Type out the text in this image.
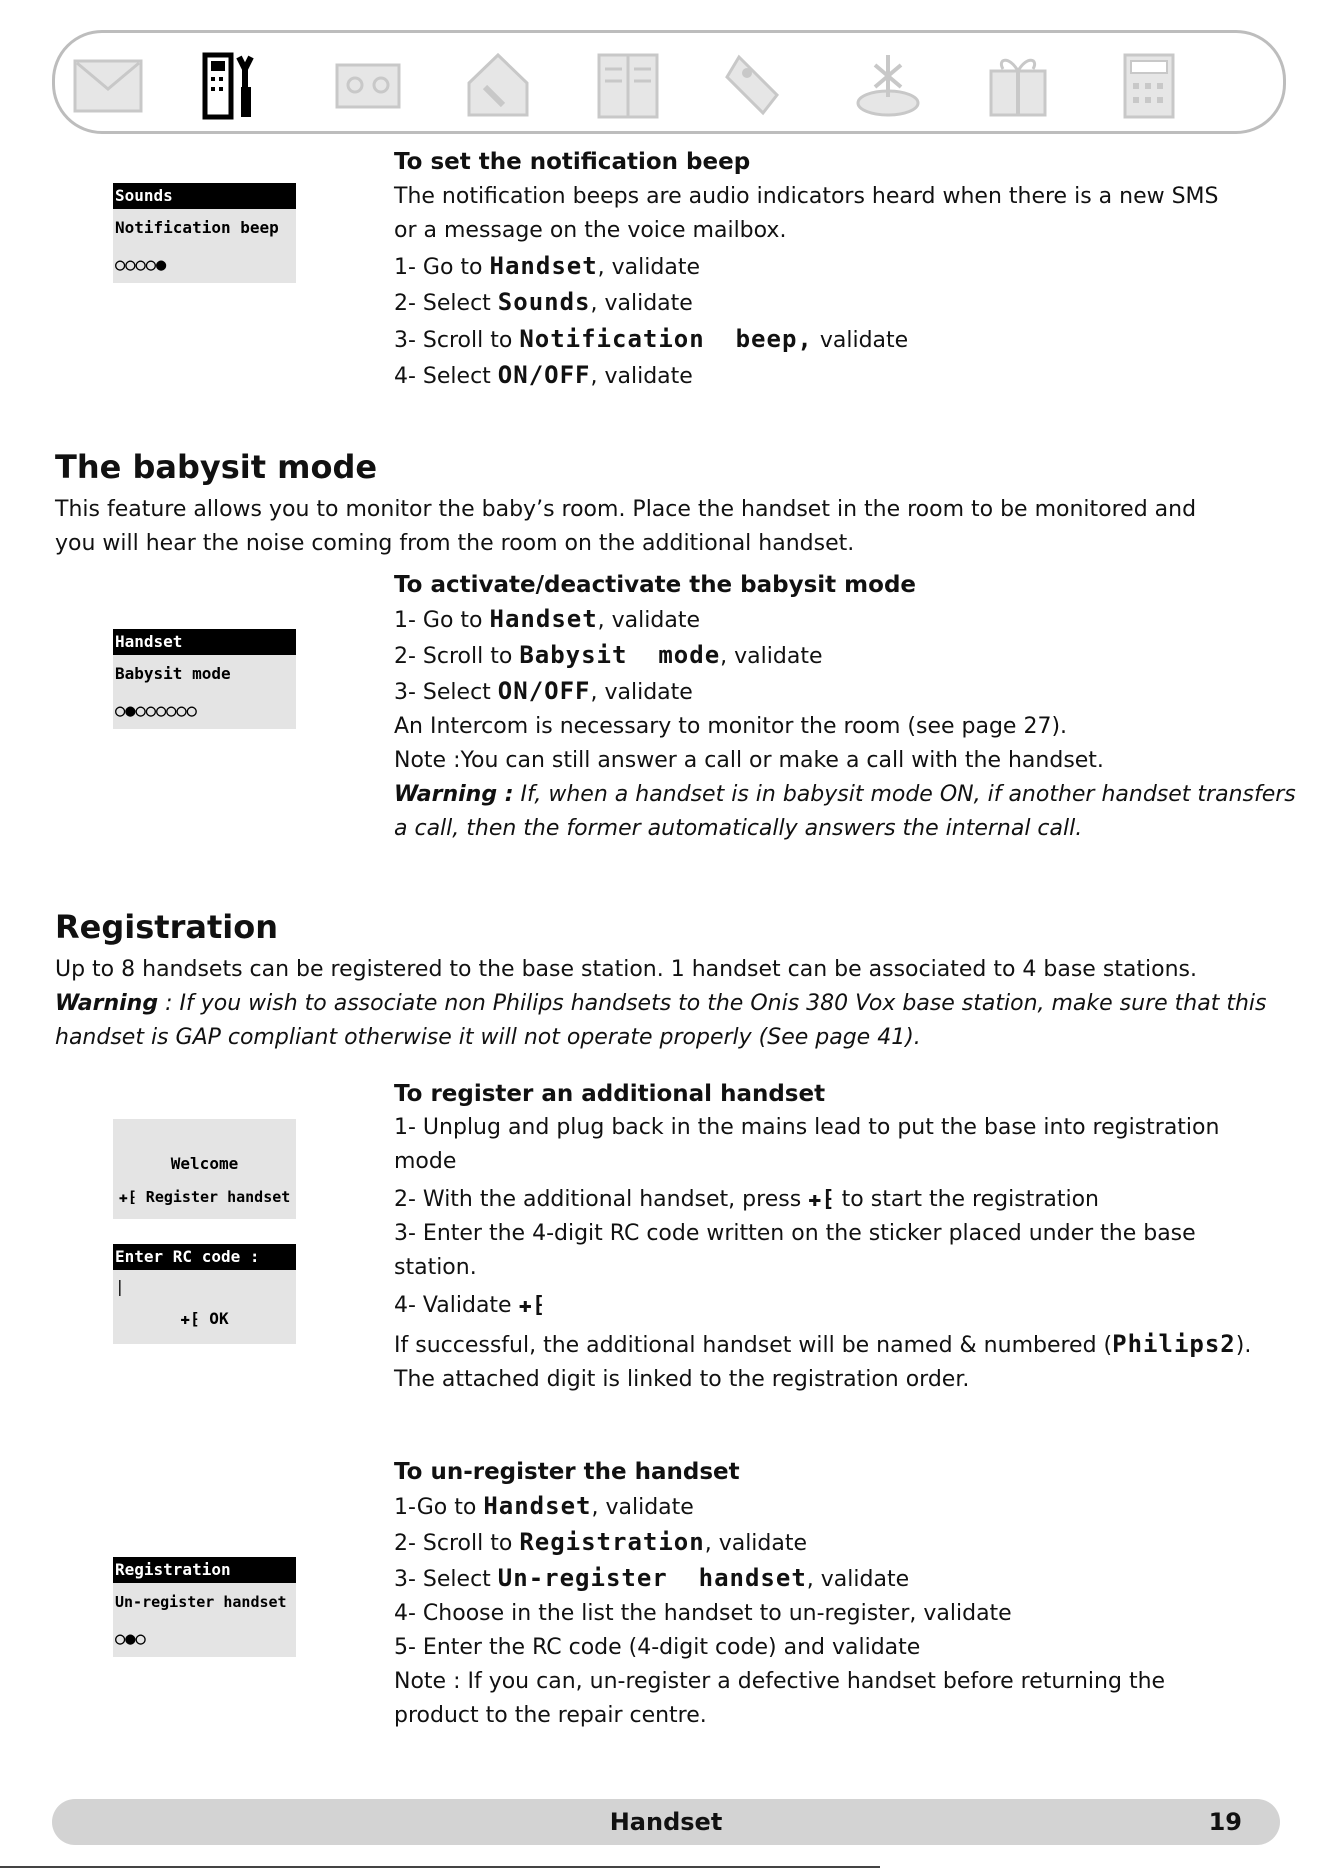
Sounds
Notification beep
○○○○●

To set the notification beep

The notification beeps are audio indicators heard when there is a new SMS

or a message on the voice mailbox.

1- Go to Handset, validate

2- Select Sounds, validate

3- Scroll to Notification  beep, validate

4- Select ON/OFF, validate

The babysit mode

This feature allows you to monitor the baby’s room. Place the handset in the room to be monitored and

you will hear the noise coming from the room on the additional handset.

Handset
Babysit mode
○●○○○○○○

To activate/deactivate the babysit mode

1- Go to Handset, validate

2- Scroll to Babysit  mode, validate

3- Select ON/OFF, validate

An Intercom is necessary to monitor the room (see page 27).

Note :You can still answer a call or make a call with the handset.

Warning : If, when a handset is in babysit mode ON, if another handset transfers

a call, then the former automatically answers the internal call.

Registration

Up to 8 handsets can be registered to the base station. 1 handset can be associated to 4 base stations.

Warning : If you wish to associate non Philips handsets to the Onis 380 Vox base station, make sure that this

handset is GAP compliant otherwise it will not operate properly (See page 41).

Welcome
✚⁅ Register handset
Enter RC code :
|
✚⁅ OK

To register an additional handset

1- Unplug and plug back in the mains lead to put the base into registration

mode

2- With the additional handset, press ✚⁅ to start the registration

3- Enter the 4-digit RC code written on the sticker placed under the base

station.

4- Validate ✚⁅

If successful, the additional handset will be named & numbered (Philips2).

The attached digit is linked to the registration order.

Registration
Un-register handset
○●○

To un-register the handset

1-Go to Handset, validate

2- Scroll to Registration, validate

3- Select Un-register  handset, validate

4- Choose in the list the handset to un-register, validate

5- Enter the RC code (4-digit code) and validate

Note : If you can, un-register a defective handset before returning the

product to the repair centre.

Handset	19
